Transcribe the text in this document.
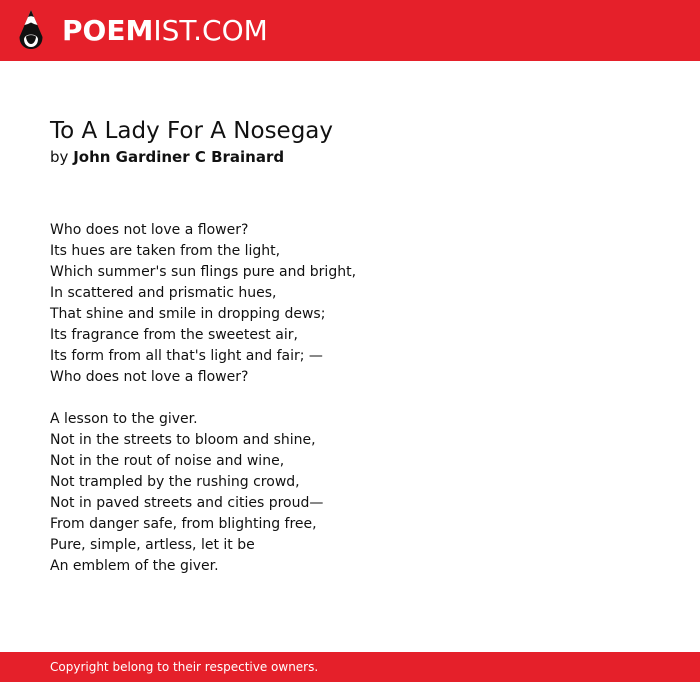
POEMIST.COM
To A Lady For A Nosegay
by John Gardiner C Brainard
Who does not love a flower?
Its hues are taken from the light,
Which summer's sun flings pure and bright,
In scattered and prismatic hues,
That shine and smile in dropping dews;
Its fragrance from the sweetest air,
Its form from all that's light and fair; —
Who does not love a flower?
A lesson to the giver.
Not in the streets to bloom and shine,
Not in the rout of noise and wine,
Not trampled by the rushing crowd,
Not in paved streets and cities proud—
From danger safe, from blighting free,
Pure, simple, artless, let it be
An emblem of the giver.
Copyright belong to their respective owners.
